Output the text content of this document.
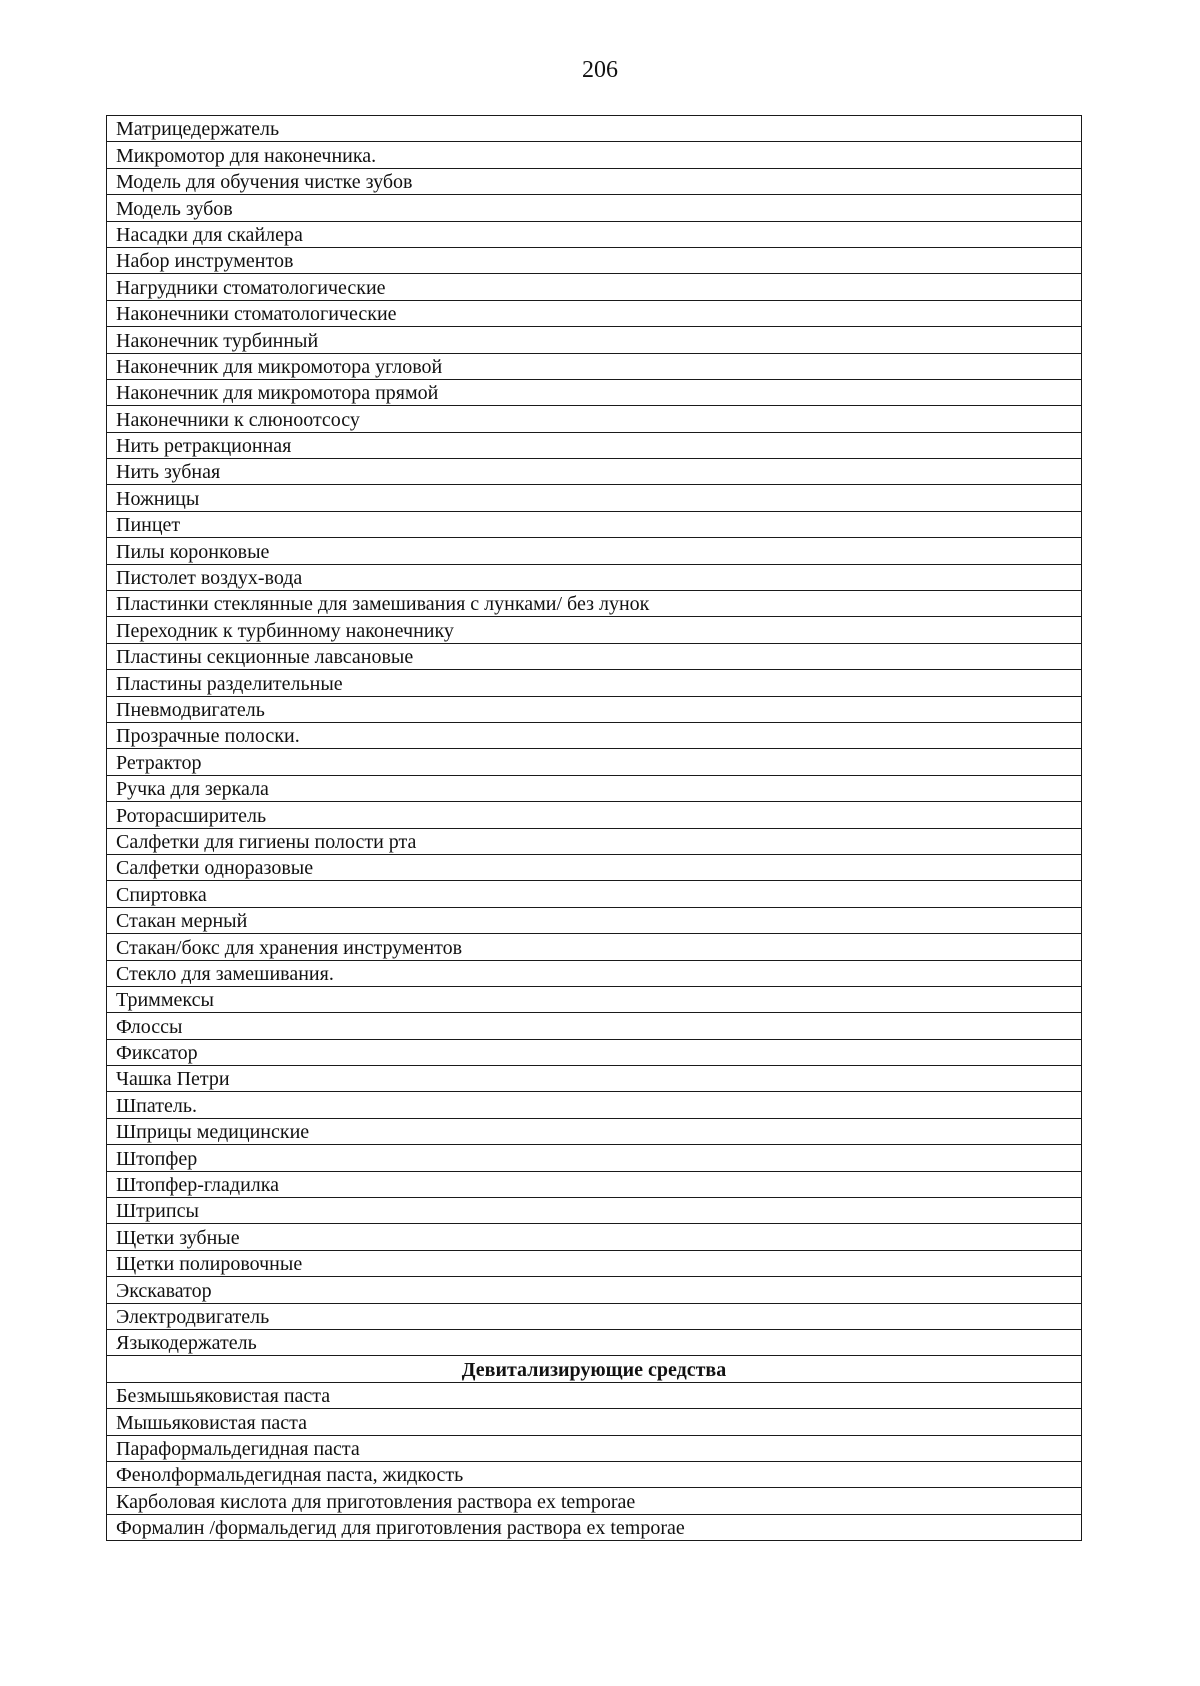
206
Матрицедержатель
Микромотор для наконечника.
Модель для обучения чистке зубов
Модель зубов
Насадки для скайлера
Набор инструментов
Нагрудники стоматологические
Наконечники стоматологические
Наконечник турбинный
Наконечник для микромотора угловой
Наконечник для микромотора прямой
Наконечники к слюноотсосу
Нить ретракционная
Нить зубная
Ножницы
Пинцет
Пилы коронковые
Пистолет воздух-вода
Пластинки стеклянные для замешивания с лунками/ без лунок
Переходник к турбинному наконечнику
Пластины секционные лавсановые
Пластины разделительные
Пневмодвигатель
Прозрачные полоски.
Ретрактор
Ручка для зеркала
Роторасширитель
Салфетки для гигиены полости рта
Салфетки одноразовые
Спиртовка
Стакан мерный
Стакан/бокс для хранения инструментов
Стекло для замешивания.
Триммексы
Флоссы
Фиксатор
Чашка Петри
Шпатель.
Шприцы медицинские
Штопфер
Штопфер-гладилка
Штрипсы
Щетки зубные
Щетки полировочные
Экскаватор
Электродвигатель
Языкодержатель
Девитализирующие средства
Безмышьяковистая паста
Мышьяковистая паста
Параформальдегидная паста
Фенолформальдегидная паста, жидкость
Карболовая кислота для приготовления раствора ex temporae
Формалин /формальдегид для приготовления раствора ex temporae
